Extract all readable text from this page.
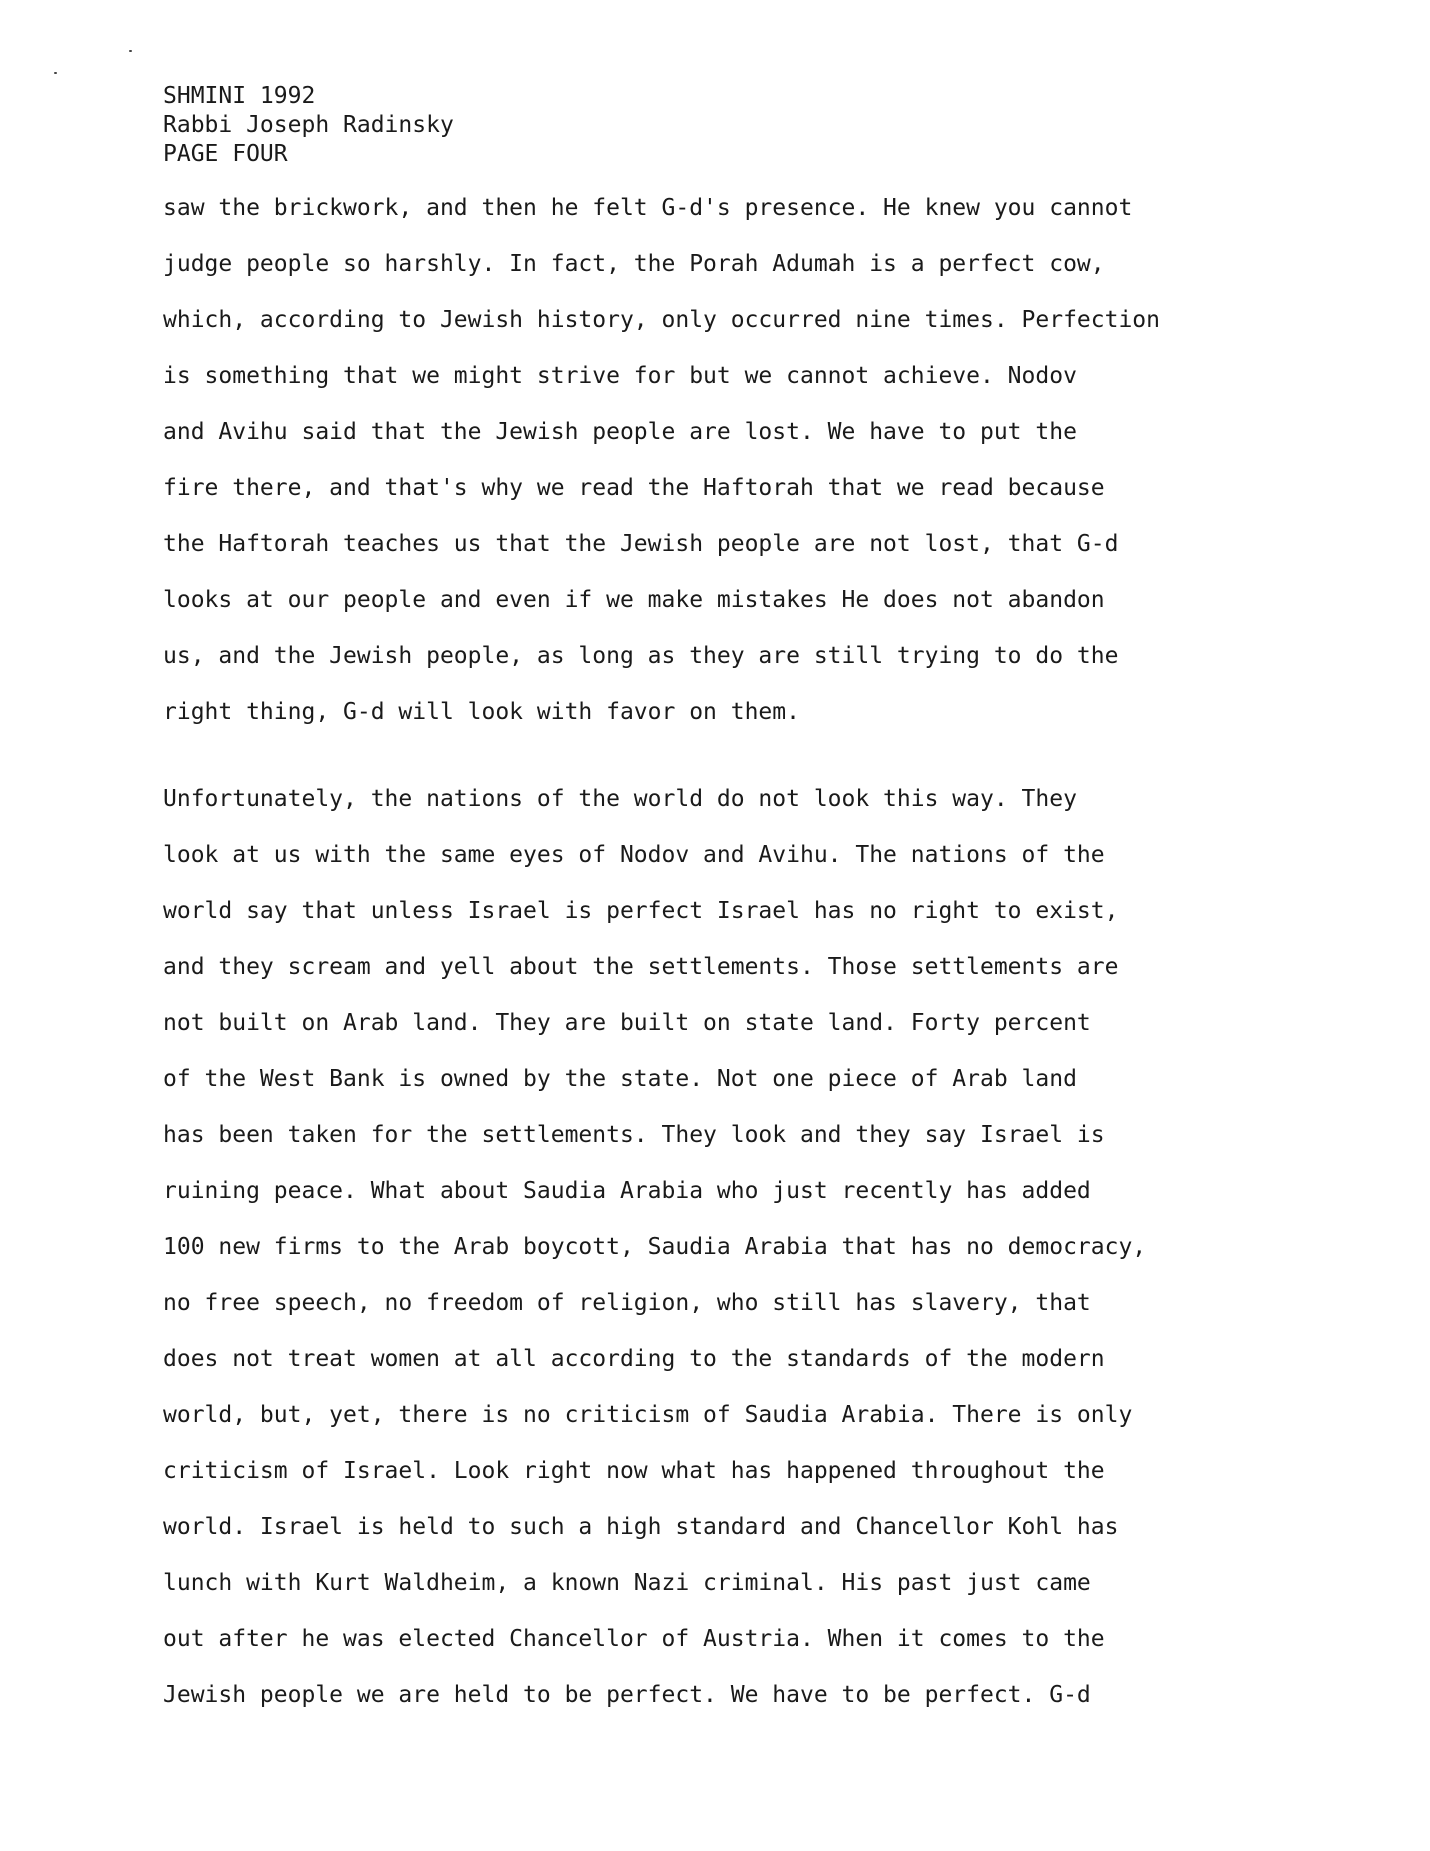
SHMINI 1992
Rabbi Joseph Radinsky
PAGE FOUR
saw the brickwork, and then he felt G-d's presence. He knew you cannot
judge people so harshly. In fact, the Porah Adumah is a perfect cow,
which, according to Jewish history, only occurred nine times. Perfection
is something that we might strive for but we cannot achieve. Nodov
and Avihu said that the Jewish people are lost. We have to put the
fire there, and that's why we read the Haftorah that we read because
the Haftorah teaches us that the Jewish people are not lost, that G-d
looks at our people and even if we make mistakes He does not abandon
us, and the Jewish people, as long as they are still trying to do the
right thing, G-d will look with favor on them.
Unfortunately, the nations of the world do not look this way. They
look at us with the same eyes of Nodov and Avihu. The nations of the
world say that unless Israel is perfect Israel has no right to exist,
and they scream and yell about the settlements. Those settlements are
not built on Arab land. They are built on state land. Forty percent
of the West Bank is owned by the state. Not one piece of Arab land
has been taken for the settlements. They look and they say Israel is
ruining peace. What about Saudia Arabia who just recently has added
100 new firms to the Arab boycott, Saudia Arabia that has no democracy,
no free speech, no freedom of religion, who still has slavery, that
does not treat women at all according to the standards of the modern
world, but, yet, there is no criticism of Saudia Arabia. There is only
criticism of Israel. Look right now what has happened throughout the
world. Israel is held to such a high standard and Chancellor Kohl has
lunch with Kurt Waldheim, a known Nazi criminal. His past just came
out after he was elected Chancellor of Austria. When it comes to the
Jewish people we are held to be perfect. We have to be perfect. G-d
